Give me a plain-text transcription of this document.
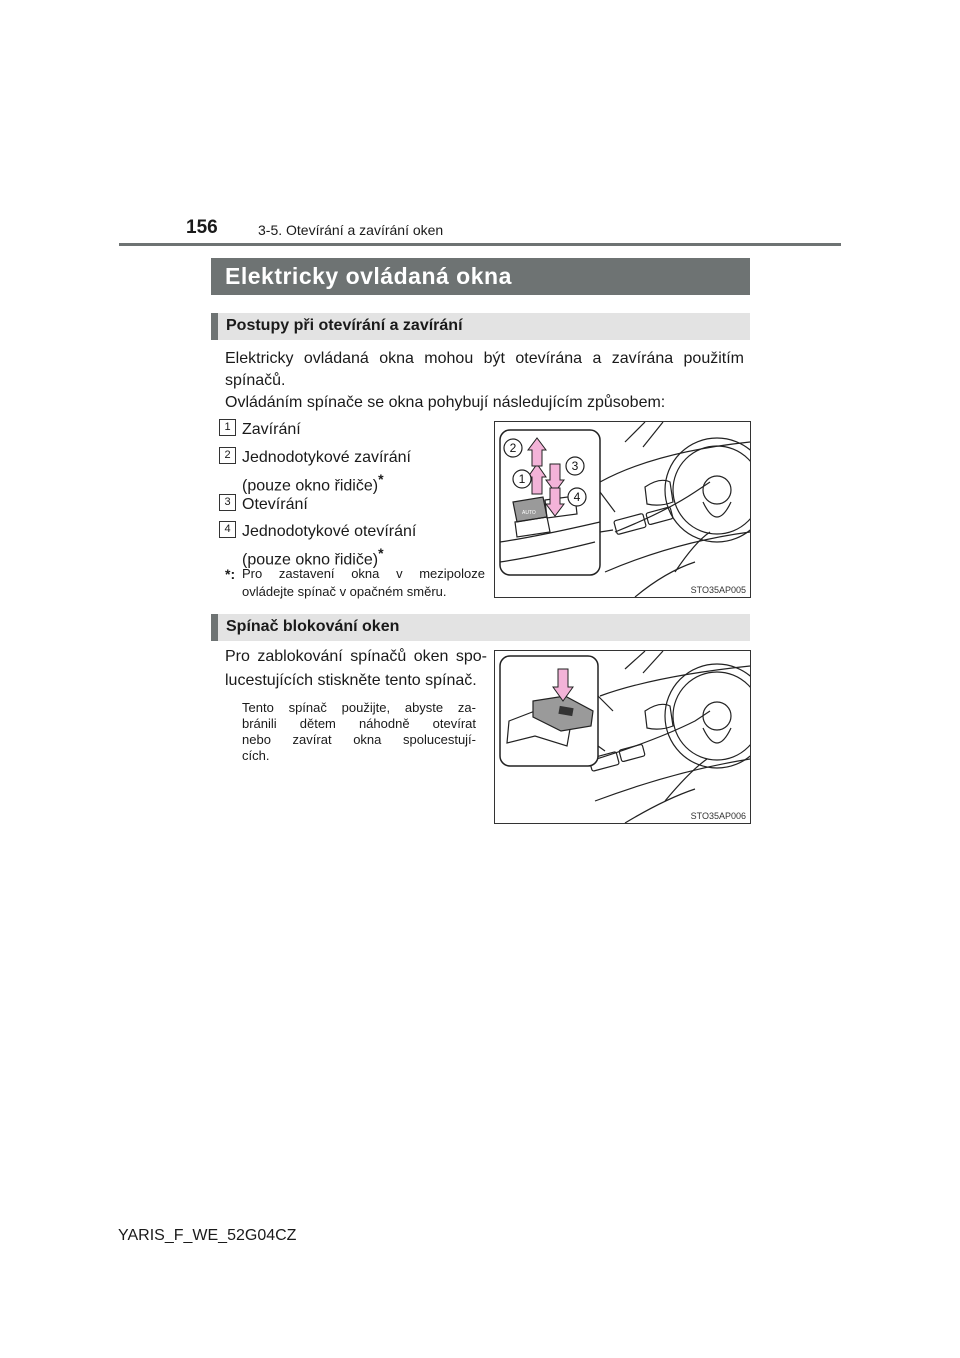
156	3-5. Otevírání a zavírání oken
Elektricky ovládaná okna
Postupy při otevírání a zavírání
Elektricky ovládaná okna mohou být otevírána a zavírána použitím
spínačů.
Ovládáním spínače se okna pohybují následujícím způsobem:
1 Zavírání
2 Jednodotykové zavírání
(pouze okno řidiče)*
3 Otevírání
4 Jednodotykové otevírání
(pouze okno řidiče)*
*: Pro zastavení okna v mezipoloze
ovládejte spínač v opačném směru.
AUTO
2
3
1
4
STO35AP005
Spínač blokování oken
Pro zablokování spínačů oken spo-
lucestujících stiskněte tento spínač.
Tento spínač použijte, abyste za-
bránili dětem náhodně otevírat
nebo zavírat okna spolucestují-
cích.
STO35AP006
YARIS_F_WE_52G04CZ
